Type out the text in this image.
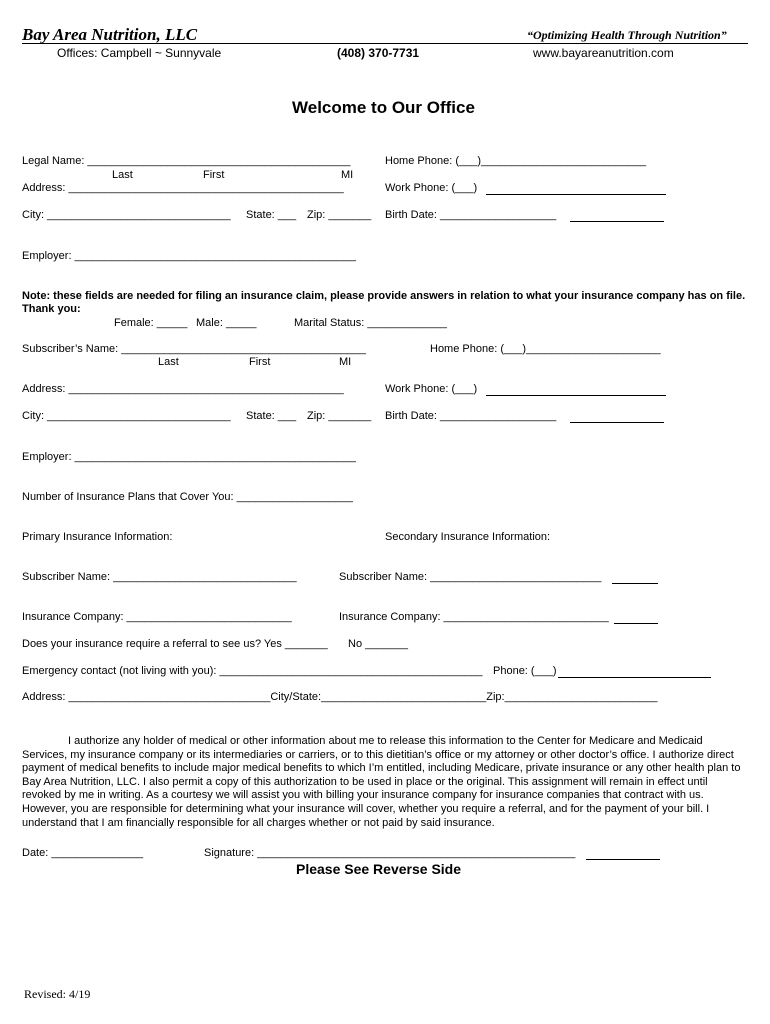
Bay Area Nutrition, LLC	“Optimizing Health Through Nutrition”
Offices: Campbell ~ Sunnyvale	(408) 370-7731	www.bayareanutrition.com
Welcome to Our Office
Legal Name: ___________________________________________
Last	First	MI
Home Phone: (___)___________________________
Address: _____________________________________________	Work Phone: (___)
City: ______________________________ State: ___ Zip: _______ Birth Date: ___________________
Employer: ______________________________________________
Note: these fields are needed for filing an insurance claim, please provide answers in relation to what your insurance company has on file. Thank you:
Female: _____ Male: _____	Marital Status: _____________
Subscriber’s Name: ________________________________________
Last	First	MI
Home Phone: (___)______________________
Address: _____________________________________________	Work Phone: (___)
City: ______________________________ State: ___ Zip: _______ Birth Date: ___________________
Employer: ______________________________________________
Number of Insurance Plans that Cover You: ___________________
Primary Insurance Information:	Secondary Insurance Information:
Subscriber Name: ______________________________	Subscriber Name: ____________________________
Insurance Company: ___________________________	Insurance Company: ___________________________
Does your insurance require a referral to see us? Yes _______ No _______
Emergency contact (not living with you): ___________________________________________ Phone: (___)
Address: _________________________________City/State:___________________________Zip:_________________________
I authorize any holder of medical or other information about me to release this information to the Center for Medicare and Medicaid Services, my insurance company or its intermediaries or carriers, or to this dietitian’s office or my attorney or other doctor’s office. I authorize direct payment of medical benefits to include major medical benefits to which I’m entitled, including Medicare, private insurance or any other health plan to Bay Area Nutrition, LLC. I also permit a copy of this authorization to be used in place or the original. This assignment will remain in effect until revoked by me in writing. As a courtesy we will assist you with billing your insurance company for insurance companies that contract with us. However, you are responsible for determining what your insurance will cover, whether you require a referral, and for the payment of your bill. I understand that I am financially responsible for all charges whether or not paid by said insurance.
Date: _______________	Signature: ____________________________________________________
Please See Reverse Side
Revised: 4/19
